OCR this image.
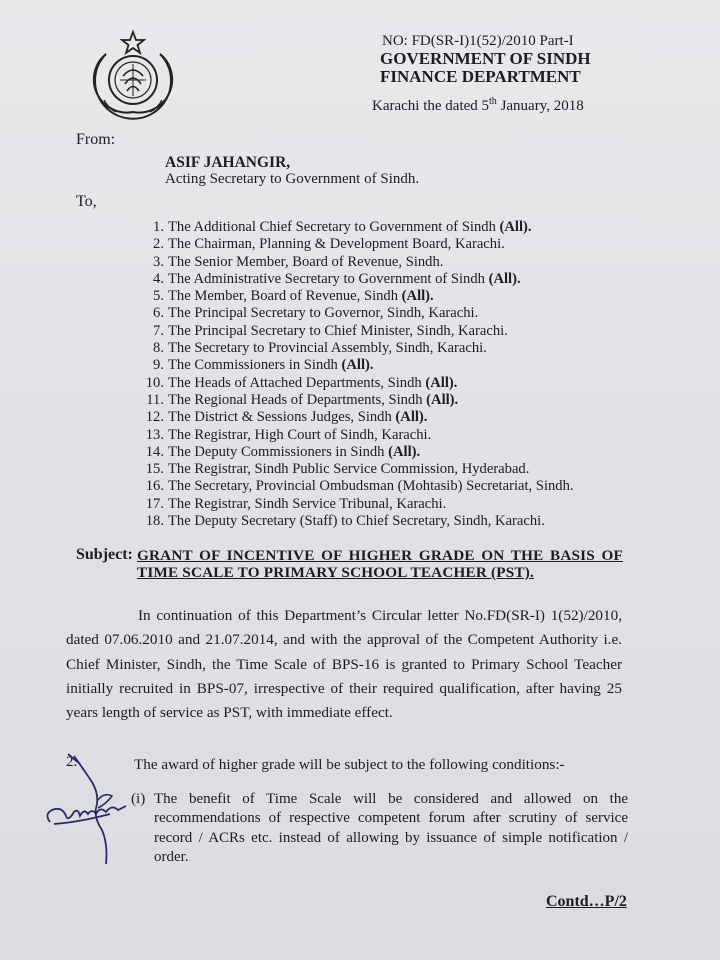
NO: FD(SR-I)1(52)/2010 Part-I
GOVERNMENT OF SINDH
FINANCE DEPARTMENT
Karachi the dated 5th January, 2018
From:
ASIF JAHANGIR,
Acting Secretary to Government of Sindh.
To,
1. The Additional Chief Secretary to Government of Sindh (All).
2. The Chairman, Planning & Development Board, Karachi.
3. The Senior Member, Board of Revenue, Sindh.
4. The Administrative Secretary to Government of Sindh (All).
5. The Member, Board of Revenue, Sindh (All).
6. The Principal Secretary to Governor, Sindh, Karachi.
7. The Principal Secretary to Chief Minister, Sindh, Karachi.
8. The Secretary to Provincial Assembly, Sindh, Karachi.
9. The Commissioners in Sindh (All).
10. The Heads of Attached Departments, Sindh (All).
11. The Regional Heads of Departments, Sindh (All).
12. The District & Sessions Judges, Sindh (All).
13. The Registrar, High Court of Sindh, Karachi.
14. The Deputy Commissioners in Sindh (All).
15. The Registrar, Sindh Public Service Commission, Hyderabad.
16. The Secretary, Provincial Ombudsman (Mohtasib) Secretariat, Sindh.
17. The Registrar, Sindh Service Tribunal, Karachi.
18. The Deputy Secretary (Staff) to Chief Secretary, Sindh, Karachi.
Subject: GRANT OF INCENTIVE OF HIGHER GRADE ON THE BASIS OF TIME SCALE TO PRIMARY SCHOOL TEACHER (PST).
In continuation of this Department’s Circular letter No.FD(SR-I) 1(52)/2010, dated 07.06.2010 and 21.07.2014, and with the approval of the Competent Authority i.e. Chief Minister, Sindh, the Time Scale of BPS-16 is granted to Primary School Teacher initially recruited in BPS-07, irrespective of their required qualification, after having 25 years length of service as PST, with immediate effect.
2.	The award of higher grade will be subject to the following conditions:-
(i) The benefit of Time Scale will be considered and allowed on the recommendations of respective competent forum after scrutiny of service record / ACRs etc. instead of allowing by issuance of simple notification / order.
Contd…P/2
